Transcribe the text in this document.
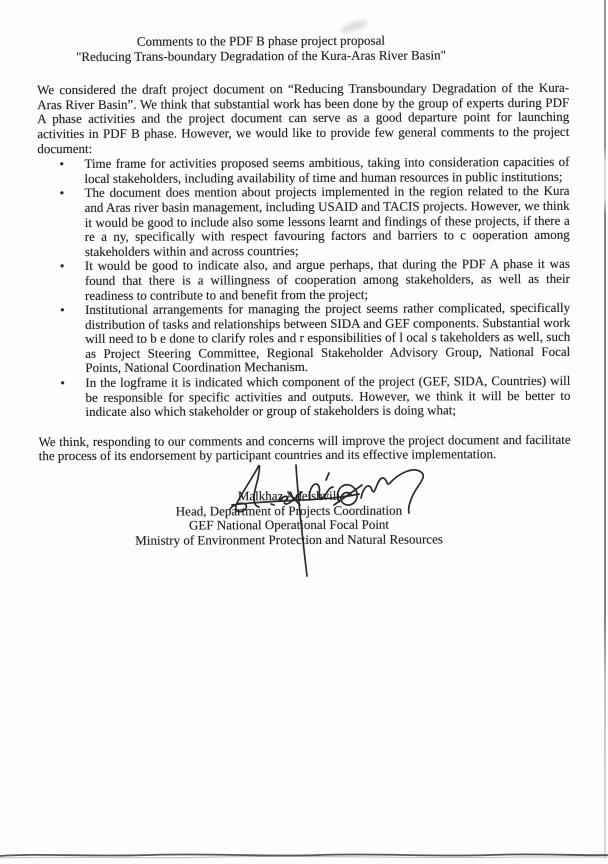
Comments to the PDF B phase project proposal
"Reducing Trans-boundary Degradation of the Kura-Aras River Basin"

We considered the draft project document on “Reducing Transboundary Degradation of the Kura-Aras River Basin”. We think that substantial work has been done by the group of experts during PDF A phase activities and the project document can serve as a good departure point for launching activities in PDF B phase. However, we would like to provide few general comments to the project document:

• Time frame for activities proposed seems ambitious, taking into consideration capacities of local stakeholders, including availability of time and human resources in public institutions;
• The document does mention about projects implemented in the region related to the Kura and Aras river basin management, including USAID and TACIS projects. However, we think it would be good to include also some lessons learnt and findings of these projects, if there a re a ny, specifically with respect favouring factors and barriers to c ooperation among stakeholders within and across countries;
• It would be good to indicate also, and argue perhaps, that during the PDF A phase it was found that there is a willingness of cooperation among stakeholders, as well as their readiness to contribute to and benefit from the project;
• Institutional arrangements for managing the project seems rather complicated, specifically distribution of tasks and relationships between SIDA and GEF components. Substantial work will need to b e done to clarify roles and r esponsibilities of l ocal s takeholders as well, such as Project Steering Committee, Regional Stakeholder Advisory Group, National Focal Points, National Coordination Mechanism.
• In the logframe it is indicated which component of the project (GEF, SIDA, Countries) will be responsible for specific activities and outputs. However, we think it will be better to indicate also which stakeholder or group of stakeholders is doing what;

We think, responding to our comments and concerns will improve the project document and facilitate the process of its endorsement by participant countries and its effective implementation.

Malkhaz Adeishvili
Head, Department of Projects Coordination
GEF National Operational Focal Point
Ministry of Environment Protection and Natural Resources
